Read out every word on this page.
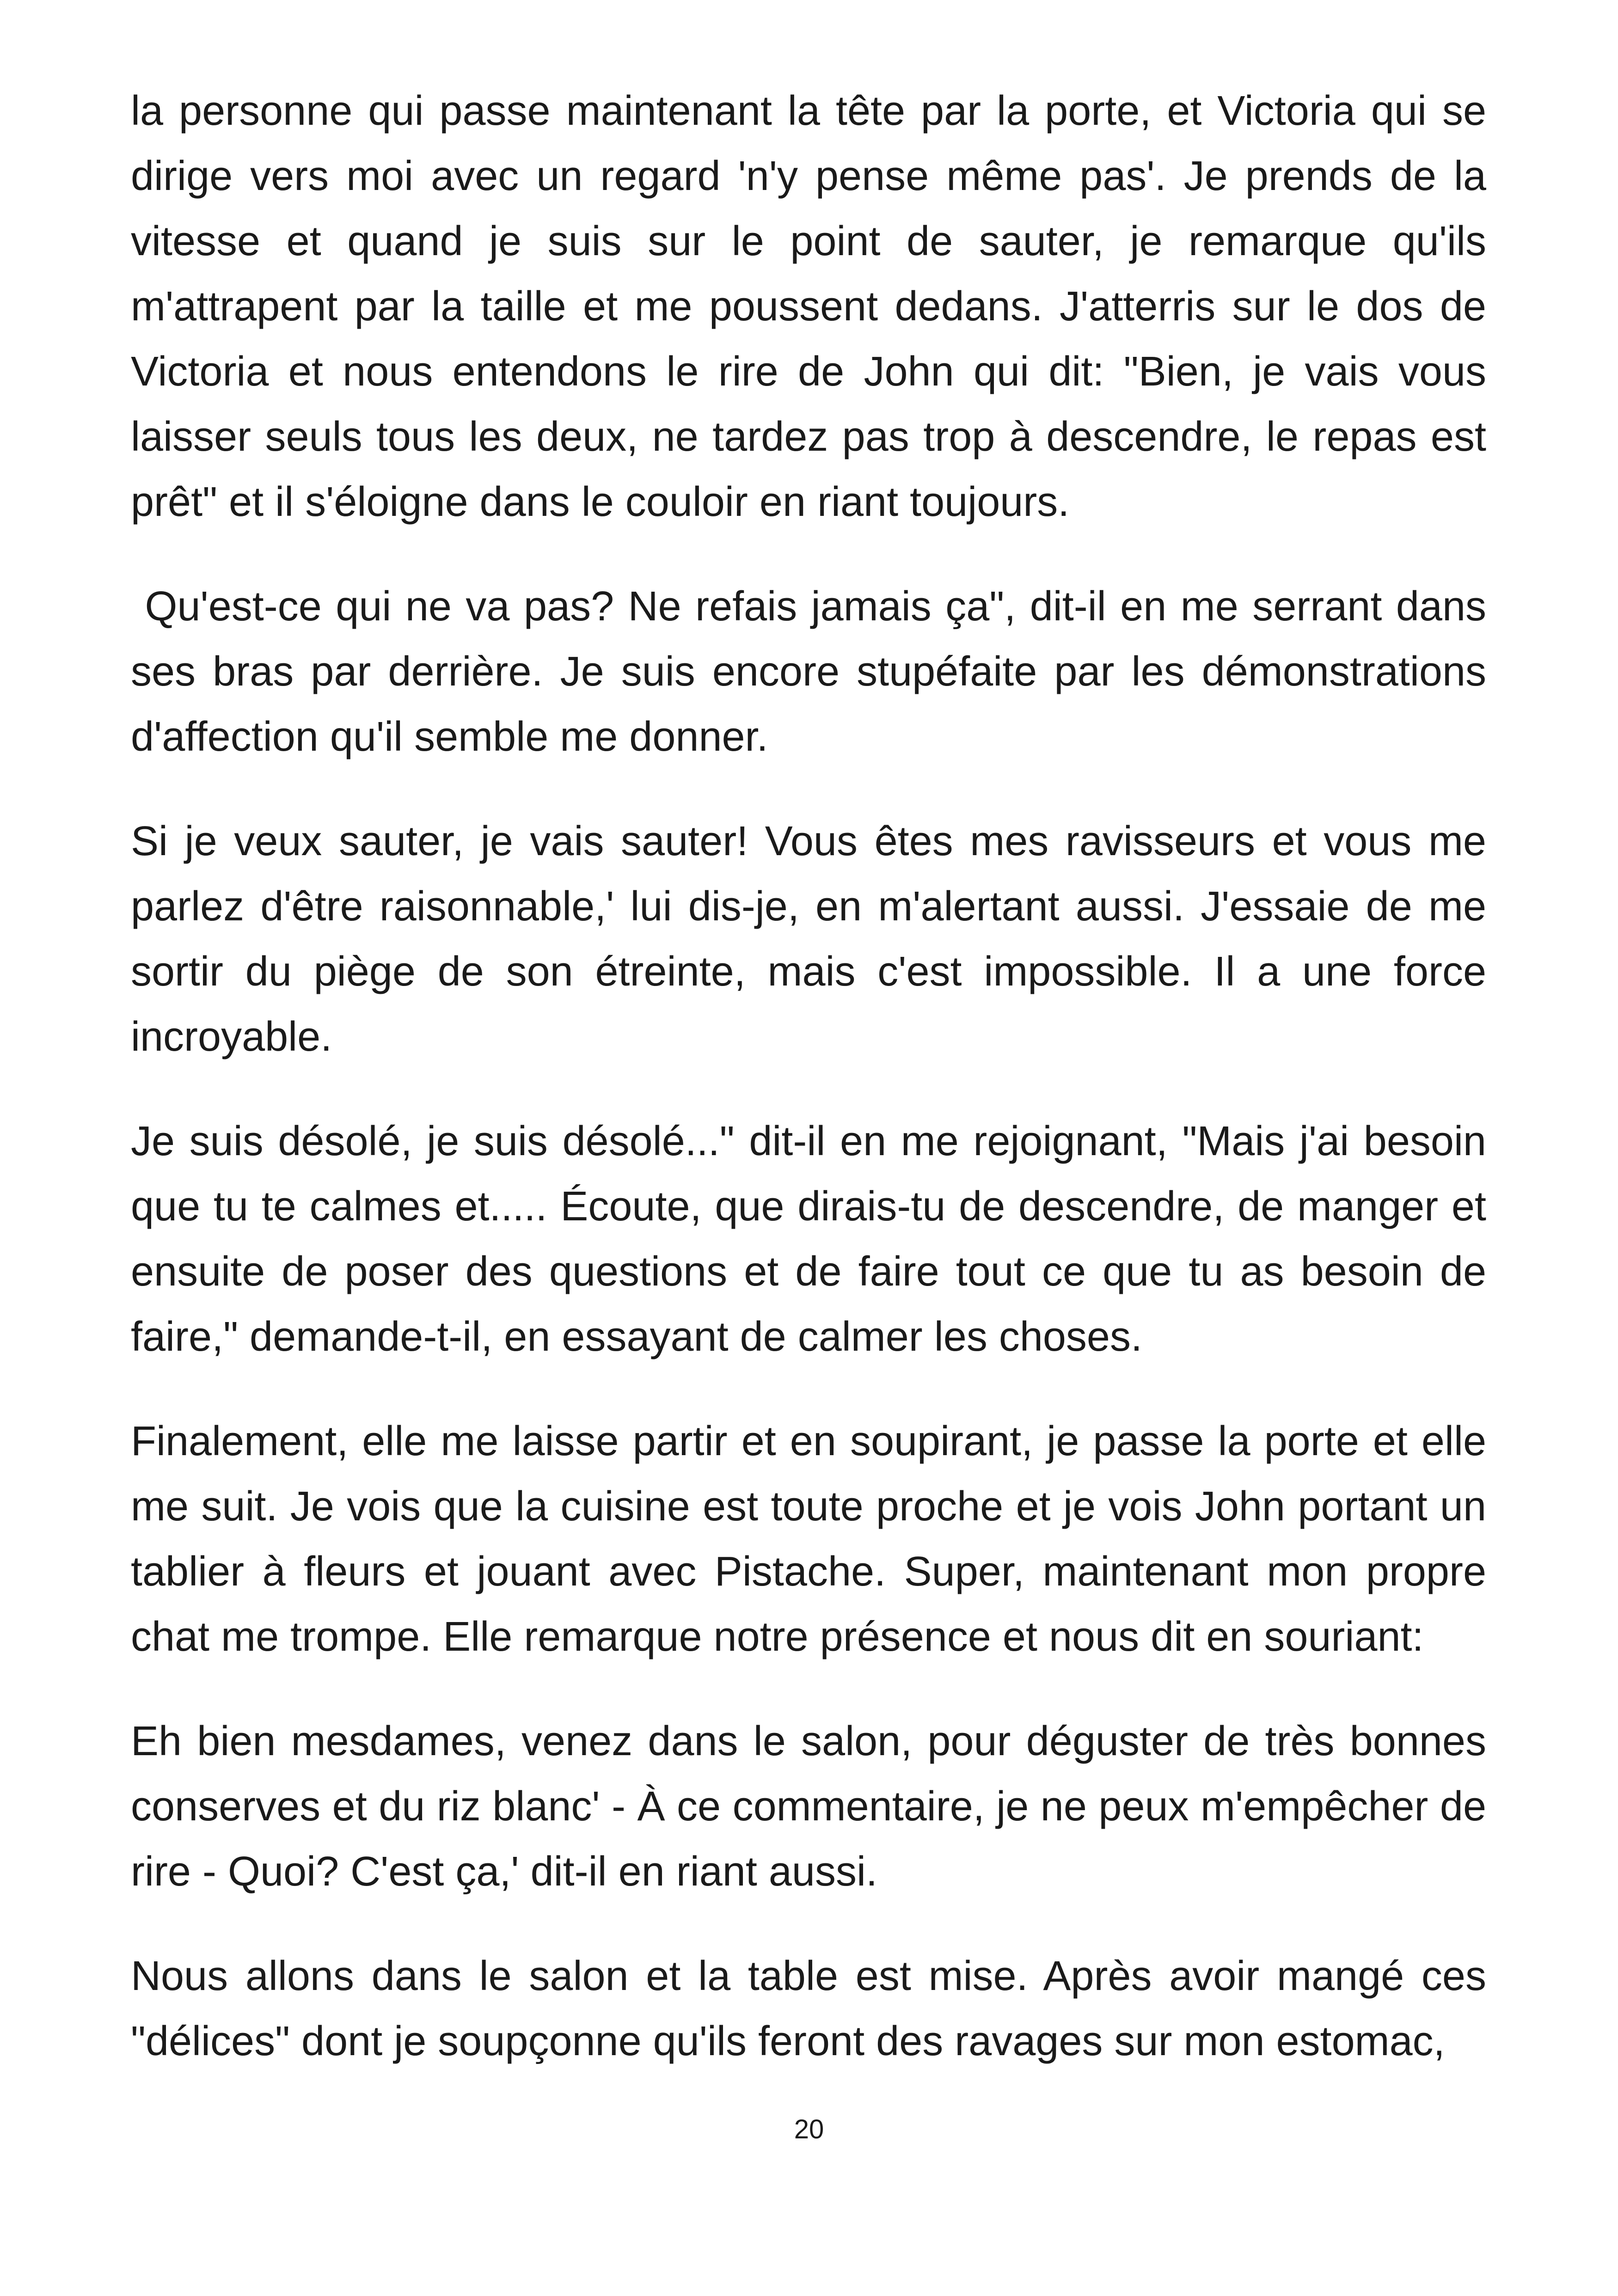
la personne qui passe maintenant la tête par la porte, et Victoria qui se dirige vers moi avec un regard 'n'y pense même pas'. Je prends de la vitesse et quand je suis sur le point de sauter, je remarque qu'ils m'attrapent par la taille et me poussent dedans. J'atterris sur le dos de Victoria et nous entendons le rire de John qui dit: "Bien, je vais vous laisser seuls tous les deux, ne tardez pas trop à descendre, le repas est prêt" et il s'éloigne dans le couloir en riant toujours.

Qu'est-ce qui ne va pas? Ne refais jamais ça", dit-il en me serrant dans ses bras par derrière. Je suis encore stupéfaite par les démonstrations d'affection qu'il semble me donner.

Si je veux sauter, je vais sauter! Vous êtes mes ravisseurs et vous me parlez d'être raisonnable,' lui dis-je, en m'alertant aussi. J'essaie de me sortir du piège de son étreinte, mais c'est impossible. Il a une force incroyable.

Je suis désolé, je suis désolé..." dit-il en me rejoignant, "Mais j'ai besoin que tu te calmes et..... Écoute, que dirais-tu de descendre, de manger et ensuite de poser des questions et de faire tout ce que tu as besoin de faire," demande-t-il, en essayant de calmer les choses.

Finalement, elle me laisse partir et en soupirant, je passe la porte et elle me suit. Je vois que la cuisine est toute proche et je vois John portant un tablier à fleurs et jouant avec Pistache. Super, maintenant mon propre chat me trompe. Elle remarque notre présence et nous dit en souriant:

Eh bien mesdames, venez dans le salon, pour déguster de très bonnes conserves et du riz blanc' - À ce commentaire, je ne peux m'empêcher de rire - Quoi? C'est ça,' dit-il en riant aussi.

Nous allons dans le salon et la table est mise. Après avoir mangé ces "délices" dont je soupçonne qu'ils feront des ravages sur mon estomac,

20
